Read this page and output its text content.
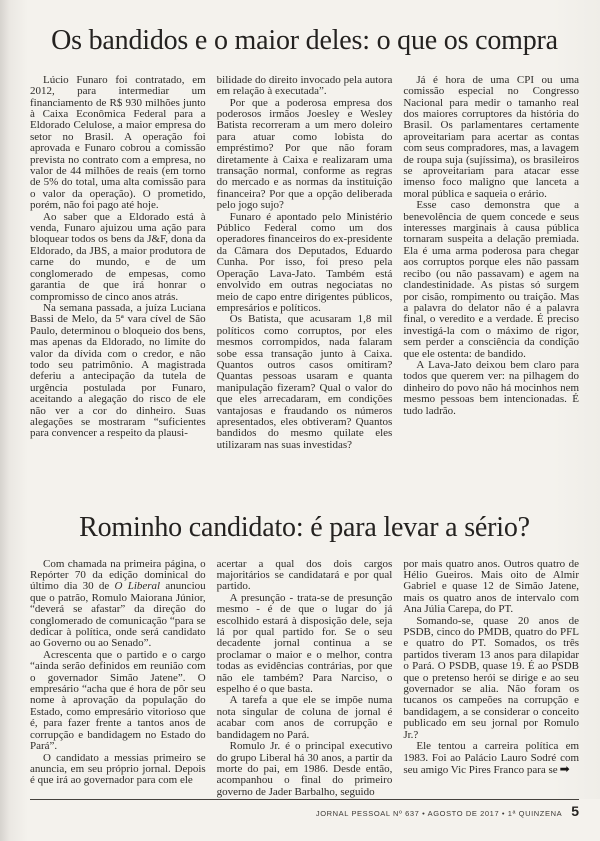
Os bandidos e o maior deles: o que os compra

Lúcio Funaro foi contratado, em 2012, para intermediar um financiamento de R$ 930 milhões junto à Caixa Econômica Federal para a Eldorado Celulose, a maior empresa do setor no Brasil. A operação foi aprovada e Funaro cobrou a comissão prevista no contrato com a empresa, no valor de 44 milhões de reais (em torno de 5% do total, uma alta comissão para o valor da operação). O prometido, porém, não foi pago até hoje.

Ao saber que a Eldorado está à venda, Funaro ajuizou uma ação para bloquear todos os bens da J&F, dona da Eldorado, da JBS, a maior produtora de carne do mundo, e de um conglomerado de empesas, como garantia de que irá honrar o compromisso de cinco anos atrás.

Na semana passada, a juíza Luciana Bassi de Melo, da 5ª vara cível de São Paulo, determinou o bloqueio dos bens, mas apenas da Eldorado, no limite do valor da dívida com o credor, e não todo seu patrimônio. A magistrada deferiu a antecipação da tutela de urgência postulada por Funaro, aceitando a alegação do risco de ele não ver a cor do dinheiro. Suas alegações se mostraram “suficientes para convencer a respeito da plausi-

bilidade do direito invocado pela autora em relação à executada”.

Por que a poderosa empresa dos poderosos irmãos Joesley e Wesley Batista recorreram a um mero doleiro para atuar como lobista do empréstimo? Por que não foram diretamente à Caixa e realizaram uma transação normal, conforme as regras do mercado e as normas da instituição financeira? Por que a opção deliberada pelo jogo sujo?

Funaro é apontado pelo Ministério Público Federal como um dos operadores financeiros do ex-presidente da Câmara dos Deputados, Eduardo Cunha. Por isso, foi preso pela Operação Lava-Jato. Também está envolvido em outras negociatas no meio de capo entre dirigentes públicos, empresários e políticos.

Os Batista, que acusaram 1,8 mil políticos como corruptos, por eles mesmos corrompidos, nada falaram sobe essa transação junto à Caixa. Quantos outros casos omitiram? Quantas pessoas usaram e quanta manipulação fizeram? Qual o valor do que eles arrecadaram, em condições vantajosas e fraudando os números apresentados, eles obtiveram? Quantos bandidos do mesmo quilate eles utilizaram nas suas investidas?

Já é hora de uma CPI ou uma comissão especial no Congresso Nacional para medir o tamanho real dos maiores corruptores da história do Brasil. Os parlamentares certamente aproveitariam para acertar as contas com seus compradores, mas, a lavagem de roupa suja (sujíssima), os brasileiros se aproveitariam para atacar esse imenso foco maligno que lanceta a moral pública e saqueia o erário.

Esse caso demonstra que a benevolência de quem concede e seus interesses marginais à causa pública tornaram suspeita a delação premiada. Ela é uma arma poderosa para chegar aos corruptos porque eles não passam recibo (ou não passavam) e agem na clandestinidade. As pistas só surgem por cisão, rompimento ou traição. Mas a palavra do delator não é a palavra final, o veredito e a verdade. É preciso investigá-la com o máximo de rigor, sem perder a consciência da condição que ele ostenta: de bandido.

A Lava-Jato deixou bem claro para todos que querem ver: na pilhagem do dinheiro do povo não há mocinhos nem mesmo pessoas bem intencionadas. É tudo ladrão.

Rominho candidato: é para levar a sério?

Com chamada na primeira página, o Repórter 70 da edição dominical do último dia 30 de O Liberal anunciou que o patrão, Romulo Maiorana Júnior, “deverá se afastar” da direção do conglomerado de comunicação “para se dedicar à política, onde será candidato ao Governo ou ao Senado”.

Acrescenta que o partido e o cargo “ainda serão definidos em reunião com o governador Simão Jatene”. O empresário “acha que é hora de pôr seu nome à aprovação da população do Estado, como empresário vitorioso que é, para fazer frente a tantos anos de corrupção e bandidagem no Estado do Pará”.

O candidato a messias primeiro se anuncia, em seu próprio jornal. Depois é que irá ao governador para com ele

acertar a qual dos dois cargos majoritários se candidatará e por qual partido.

A presunção - trata-se de presunção mesmo - é de que o lugar do já escolhido estará à disposição dele, seja lá por qual partido for. Se o seu decadente jornal continua a se proclamar o maior e o melhor, contra todas as evidências contrárias, por que não ele também? Para Narciso, o espelho é o que basta.

A tarefa a que ele se impõe numa nota singular de coluna de jornal é acabar com anos de corrupção e bandidagem no Pará.

Romulo Jr. é o principal executivo do grupo Liberal há 30 anos, a partir da morte do pai, em 1986. Desde então, acompanhou o final do primeiro governo de Jader Barbalho, seguido

por mais quatro anos. Outros quatro de Hélio Gueiros. Mais oito de Almir Gabriel e quase 12 de Simão Jatene, mais os quatro anos de intervalo com Ana Júlia Carepa, do PT.

Somando-se, quase 20 anos de PSDB, cinco do PMDB, quatro do PFL e quatro do PT. Somados, os três partidos tiveram 13 anos para dilapidar o Pará. O PSDB, quase 19. É ao PSDB que o pretenso herói se dirige e ao seu governador se alia. Não foram os tucanos os campeões na corrupção e bandidagem, a se considerar o conceito publicado em seu jornal por Romulo Jr.?

Ele tentou a carreira política em 1983. Foi ao Palácio Lauro Sodré com seu amigo Vic Pires Franco para se ➡

JORNAL PESSOAL Nº 637 • AGOSTO DE 2017 • 1ª QUINZENA 5
